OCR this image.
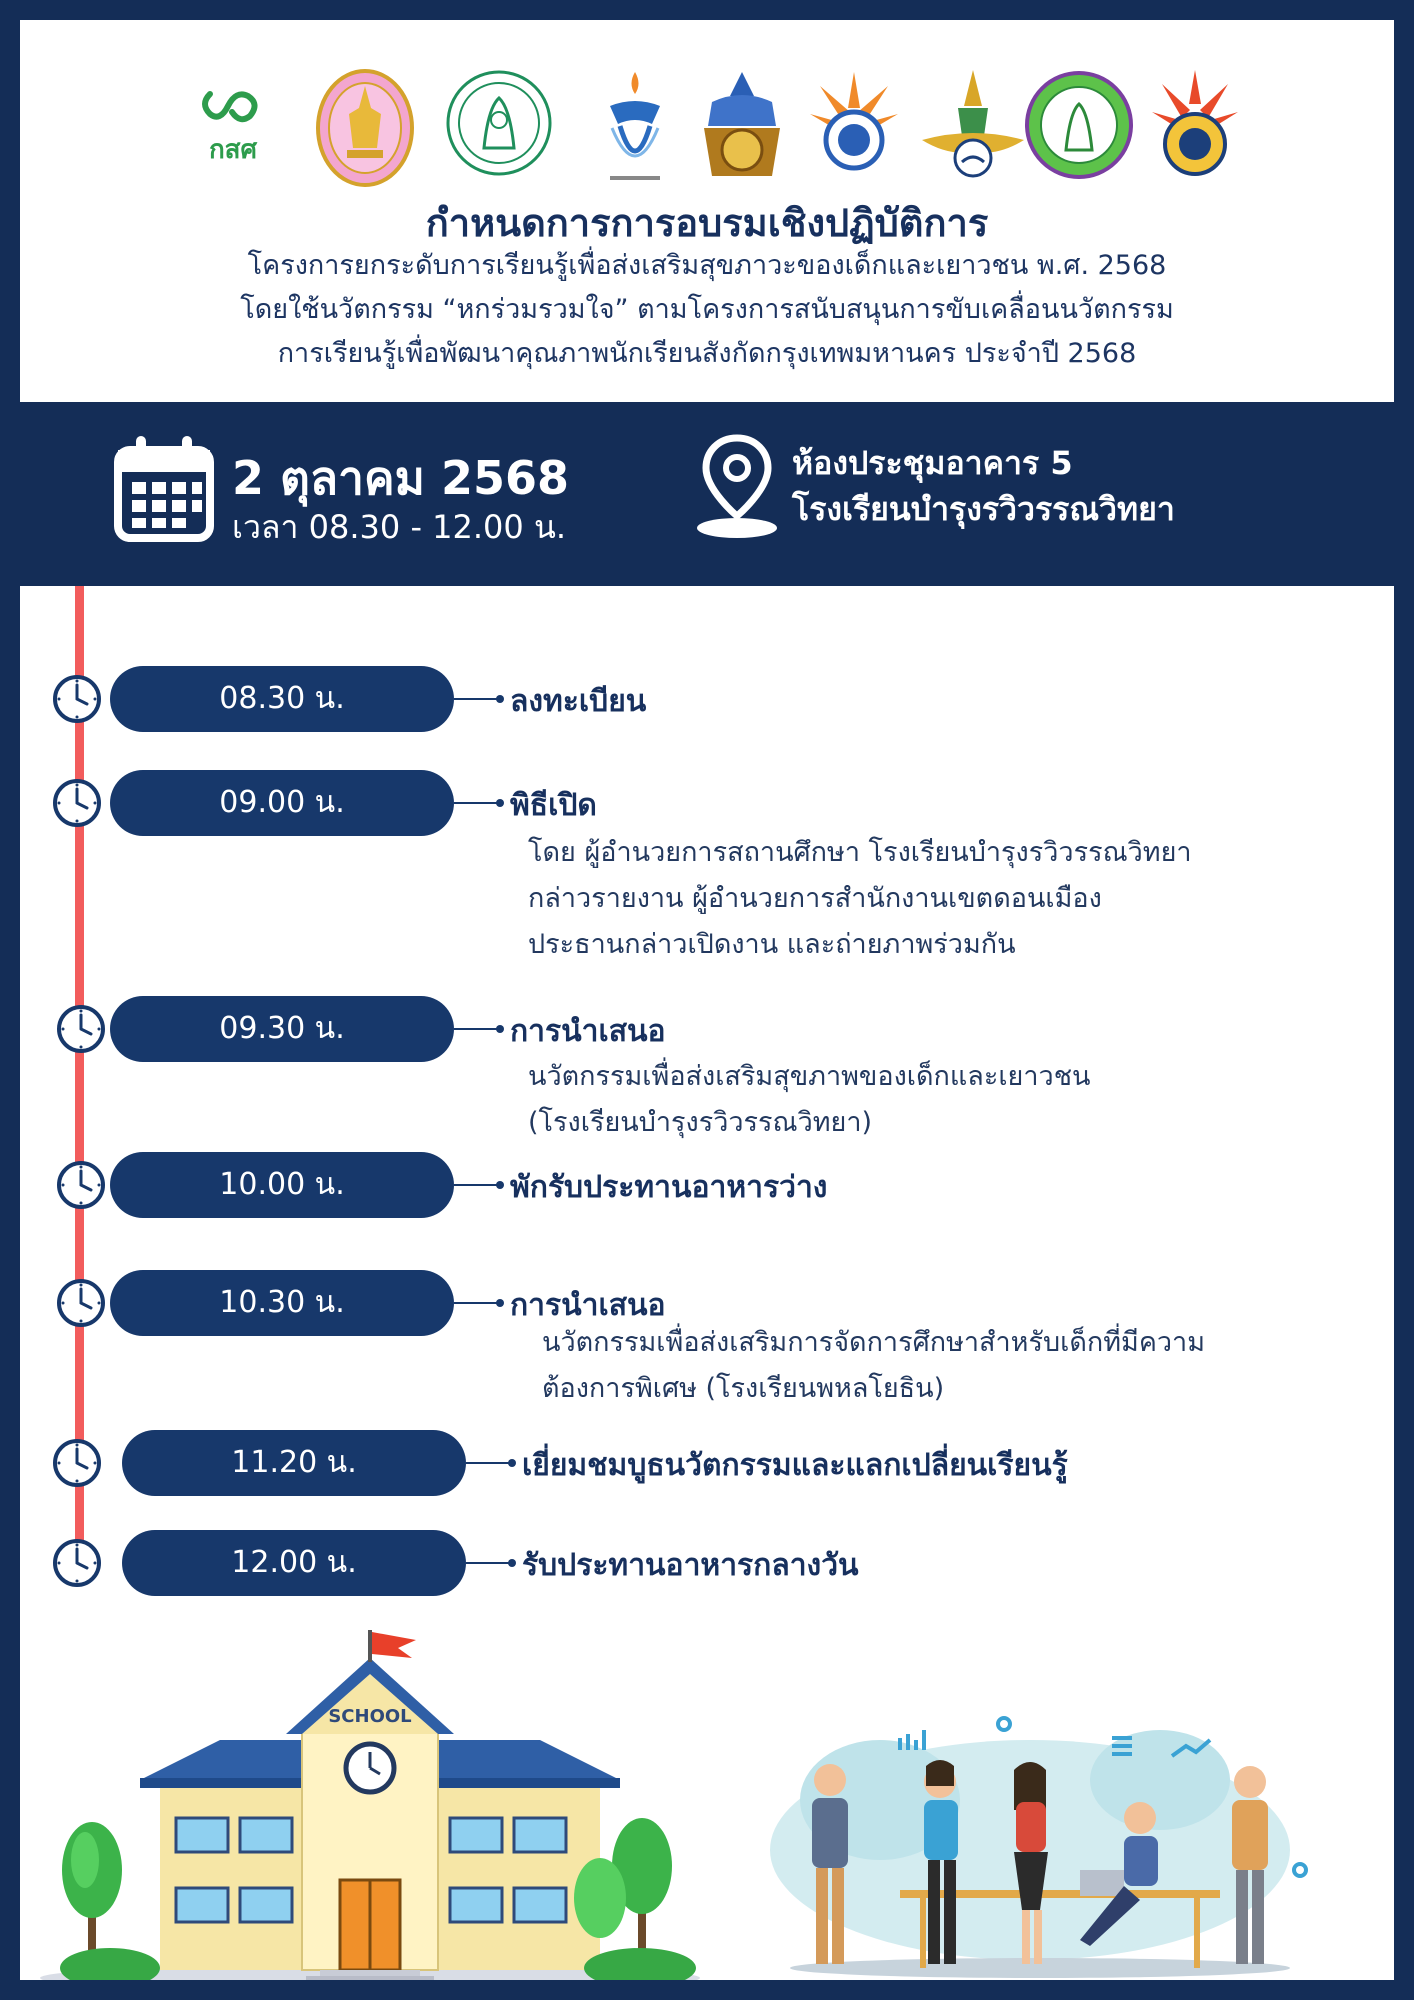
กสศ
กำหนดการการอบรมเชิงปฏิบัติการ
โครงการยกระดับการเรียนรู้เพื่อส่งเสริมสุขภาวะของเด็กและเยาวชน พ.ศ. 2568
โดยใช้นวัตกรรม “หกร่วมรวมใจ” ตามโครงการสนับสนุนการขับเคลื่อนนวัตกรรม
การเรียนรู้เพื่อพัฒนาคุณภาพนักเรียนสังกัดกรุงเทพมหานคร ประจำปี 2568
2 ตุลาคม 2568
เวลา 08.30 - 12.00 น.
ห้องประชุมอาคาร 5
โรงเรียนบำรุงรวิวรรณวิทยา
08.30 น.	ลงทะเบียน
09.00 น.	พิธีเปิด
โดย ผู้อำนวยการสถานศึกษา โรงเรียนบำรุงรวิวรรณวิทยา
กล่าวรายงาน ผู้อำนวยการสำนักงานเขตดอนเมือง
ประธานกล่าวเปิดงาน และถ่ายภาพร่วมกัน
09.30 น.	การนำเสนอ
นวัตกรรมเพื่อส่งเสริมสุขภาพของเด็กและเยาวชน
(โรงเรียนบำรุงรวิวรรณวิทยา)
10.00 น.	พักรับประทานอาหารว่าง
10.30 น.	การนำเสนอ
นวัตกรรมเพื่อส่งเสริมการจัดการศึกษาสำหรับเด็กที่มีความ
ต้องการพิเศษ (โรงเรียนพหลโยธิน)
11.20 น.	เยี่ยมชมบูธนวัตกรรมและแลกเปลี่ยนเรียนรู้
12.00 น.	รับประทานอาหารกลางวัน
SCHOOL
